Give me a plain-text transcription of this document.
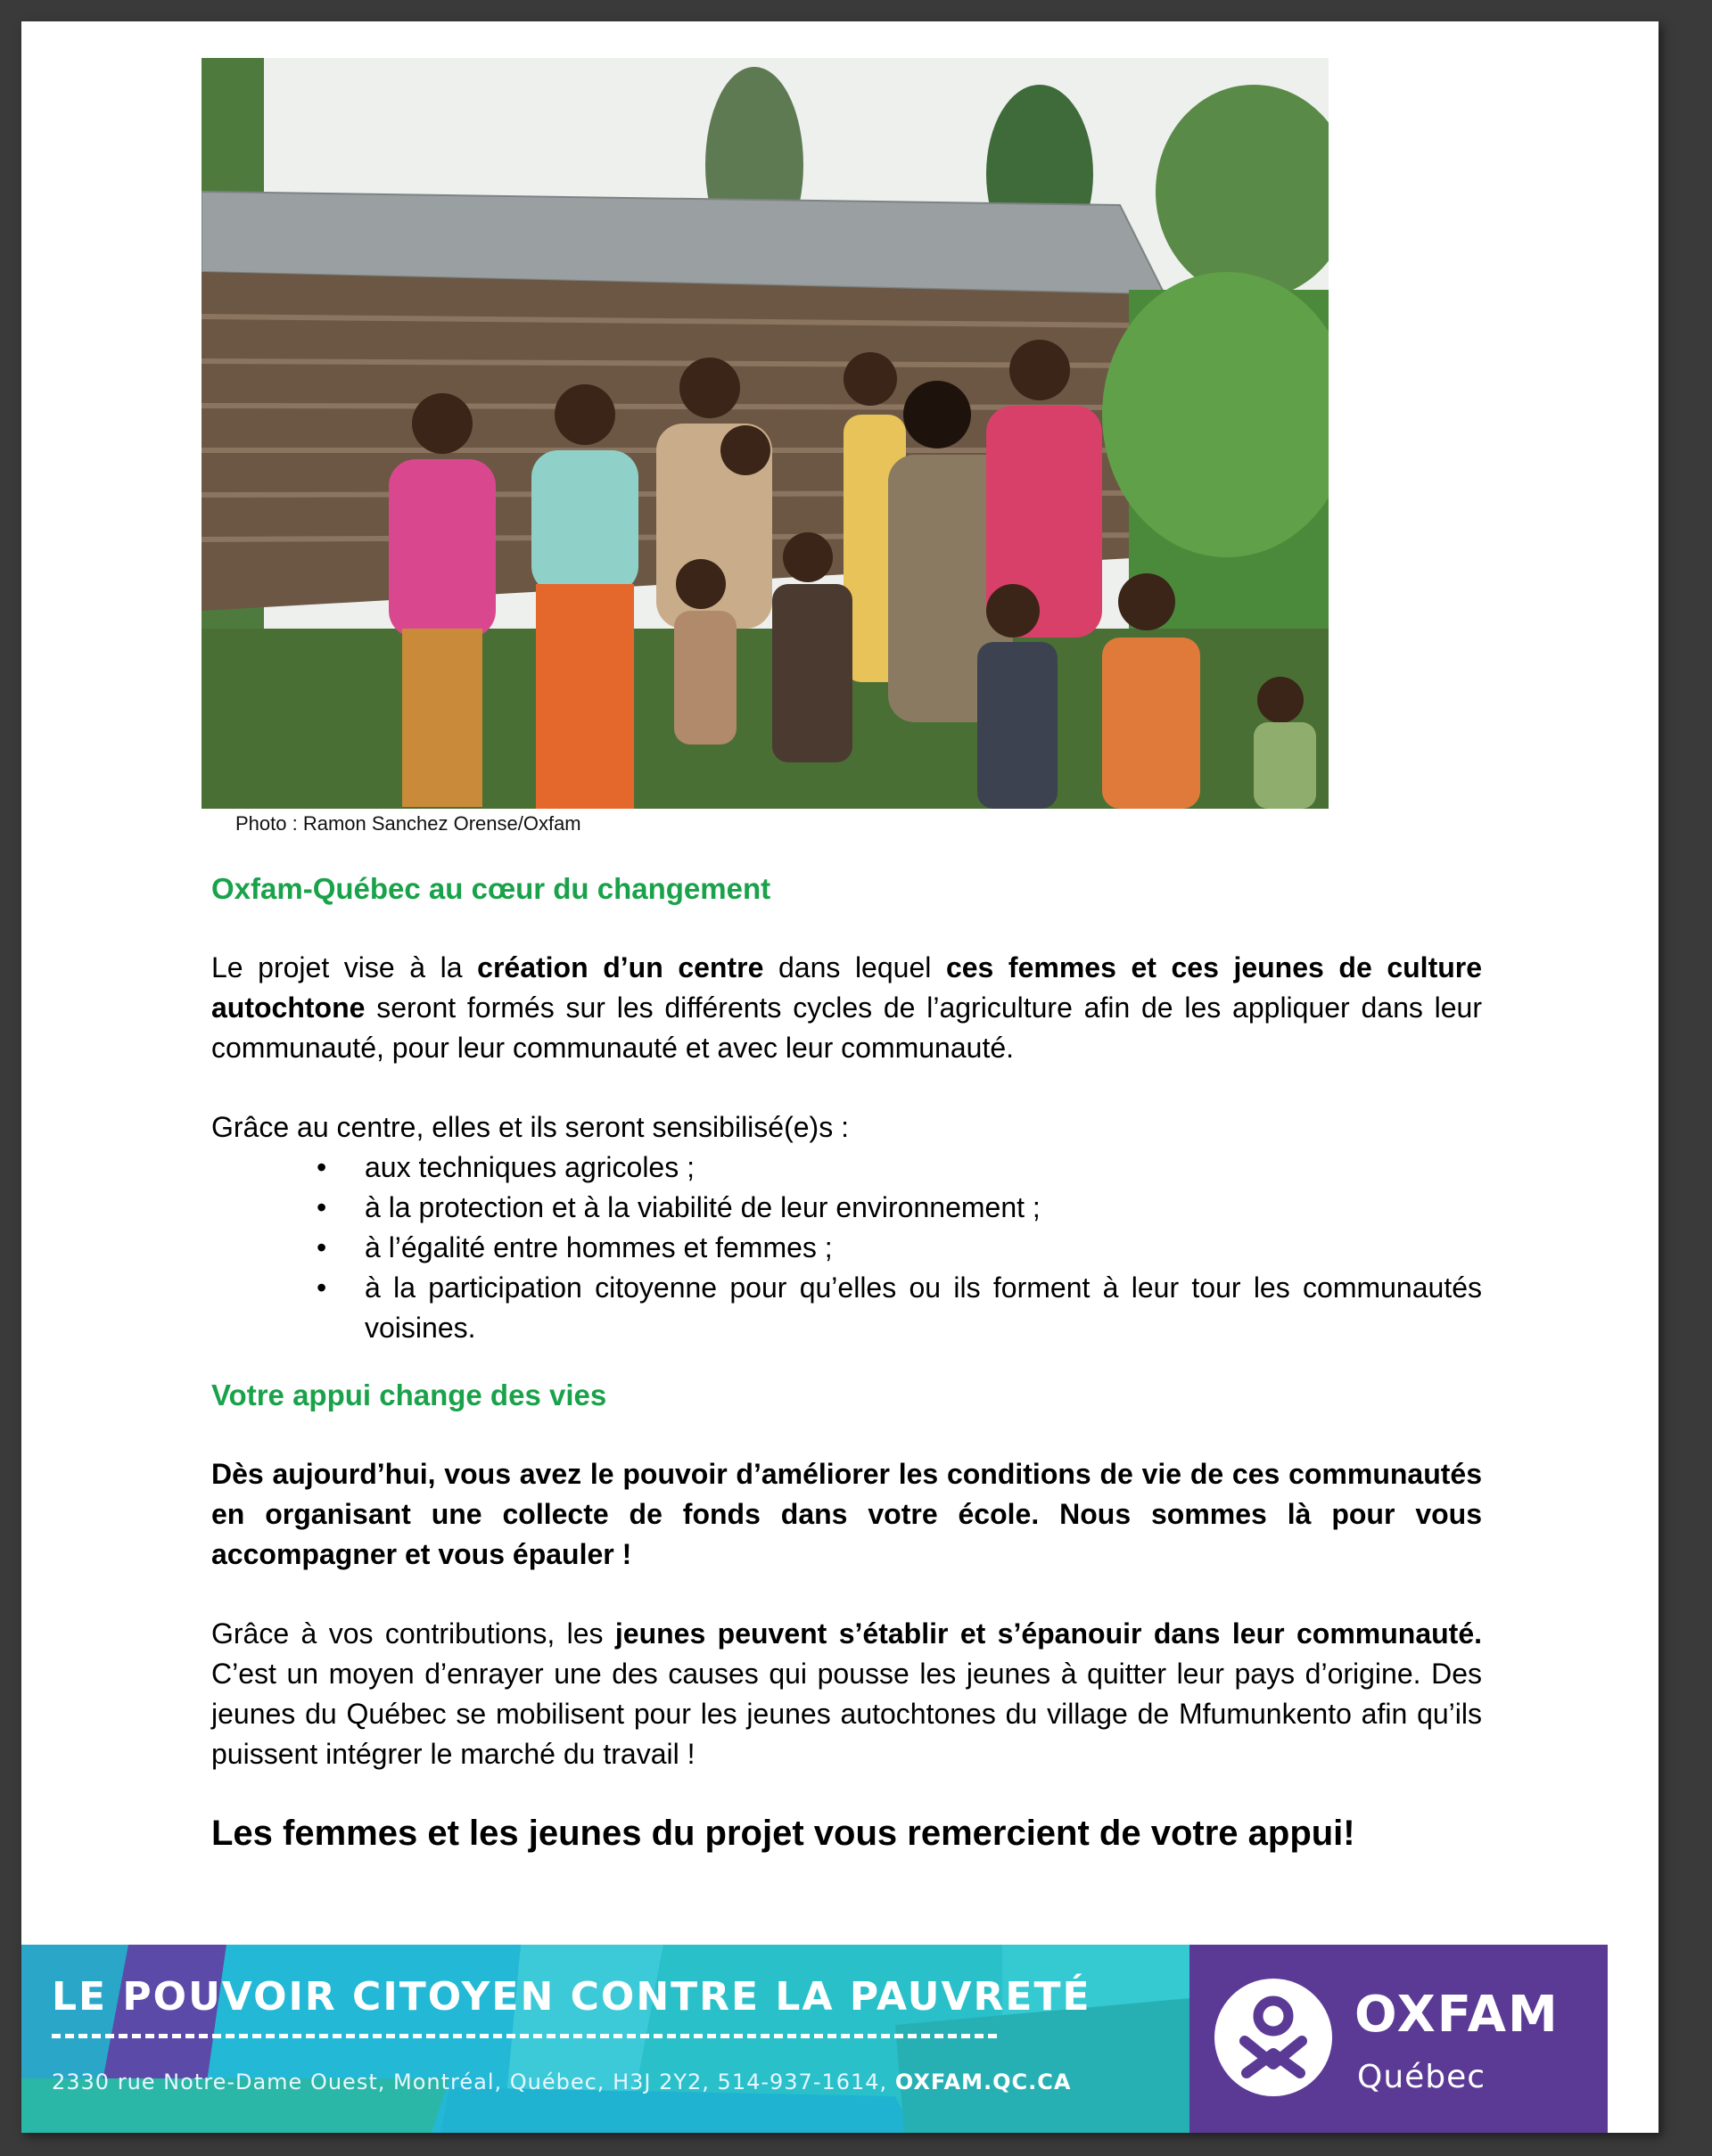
Photo : Ramon Sanchez Orense/Oxfam
Oxfam-Québec au cœur du changement

Le projet vise à la création d’un centre dans lequel ces femmes et ces jeunes de culture autochtone seront formés sur les différents cycles de l’agriculture afin de les appliquer dans leur communauté, pour leur communauté et avec leur communauté.

Grâce au centre, elles et ils seront sensibilisé(e)s :

• aux techniques agricoles ;
• à la protection et à la viabilité de leur environnement ;
• à l’égalité entre hommes et femmes ;
• à la participation citoyenne pour qu’elles ou ils forment à leur tour les communautés voisines.
Votre appui change des vies

Dès aujourd’hui, vous avez le pouvoir d’améliorer les conditions de vie de ces communautés en organisant une collecte de fonds dans votre école. Nous sommes là pour vous accompagner et vous épauler !

Grâce à vos contributions, les jeunes peuvent s’établir et s’épanouir dans leur communauté. C’est un moyen d’enrayer une des causes qui pousse les jeunes à quitter leur pays d’origine. Des jeunes du Québec se mobilisent pour les jeunes autochtones du village de Mfumunkento afin qu’ils puissent intégrer le marché du travail !

Les femmes et les jeunes du projet vous remercient de votre appui!

LE POUVOIR CITOYEN CONTRE LA PAUVRETÉ
2330 rue Notre-Dame Ouest, Montréal, Québec, H3J 2Y2, 514-937-1614, OXFAM.QC.CA
OXFAM
Québec
